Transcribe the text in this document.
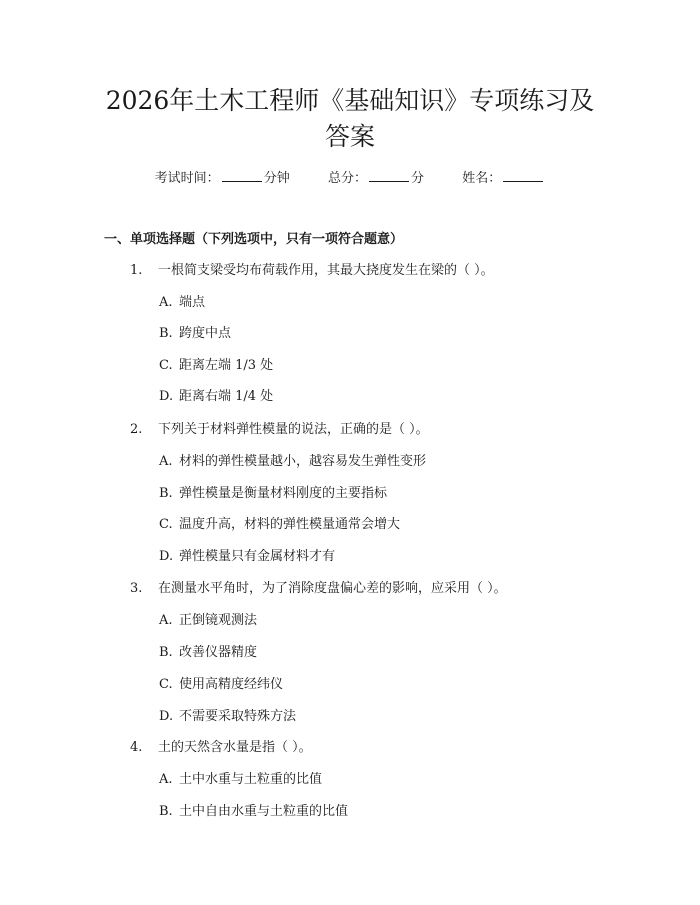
2026年土木工程师《基础知识》专项练习及
答案
考试时间：	分钟	总分：	分	姓名：
一、单项选择题（下列选项中，只有一项符合题意）
1. 一根简支梁受均布荷载作用，其最大挠度发生在梁的（ ）。
A. 端点
B. 跨度中点
C. 距离左端 1/3 处
D. 距离右端 1/4 处
2. 下列关于材料弹性模量的说法，正确的是（ ）。
A. 材料的弹性模量越小，越容易发生弹性变形
B. 弹性模量是衡量材料刚度的主要指标
C. 温度升高，材料的弹性模量通常会增大
D. 弹性模量只有金属材料才有
3. 在测量水平角时，为了消除度盘偏心差的影响，应采用（ ）。
A. 正倒镜观测法
B. 改善仪器精度
C. 使用高精度经纬仪
D. 不需要采取特殊方法
4. 土的天然含水量是指（ ）。
A. 土中水重与土粒重的比值
B. 土中自由水重与土粒重的比值
